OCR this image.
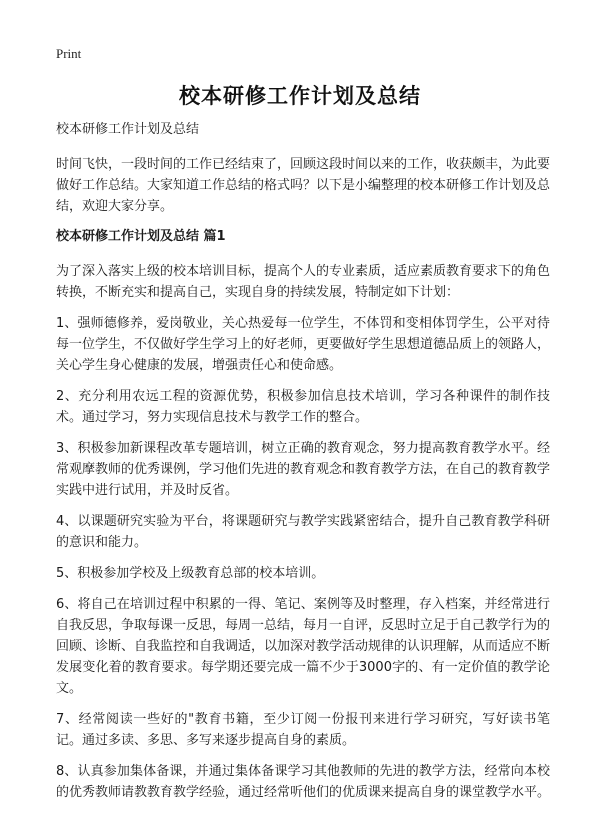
Print
校本研修工作计划及总结
校本研修工作计划及总结

时间飞快，一段时间的工作已经结束了，回顾这段时间以来的工作，收获颇丰，为此要做好工作总结。大家知道工作总结的格式吗？以下是小编整理的校本研修工作计划及总结，欢迎大家分享。

校本研修工作计划及总结 篇1

为了深入落实上级的校本培训目标，提高个人的专业素质，适应素质教育要求下的角色转换，不断充实和提高自己，实现自身的持续发展，特制定如下计划：

1、强师德修养，爱岗敬业，关心热爱每一位学生，不体罚和变相体罚学生，公平对待每一位学生，不仅做好学生学习上的好老师，更要做好学生思想道德品质上的领路人，关心学生身心健康的发展，增强责任心和使命感。

2、充分利用农远工程的资源优势，积极参加信息技术培训，学习各种课件的制作技术。通过学习，努力实现信息技术与教学工作的整合。

3、积极参加新课程改革专题培训，树立正确的教育观念，努力提高教育教学水平。经常观摩教师的优秀课例，学习他们先进的教育观念和教育教学方法，在自己的教育教学实践中进行试用，并及时反省。

4、以课题研究实验为平台，将课题研究与教学实践紧密结合，提升自己教育教学科研的意识和能力。

5、积极参加学校及上级教育总部的校本培训。

6、将自己在培训过程中积累的一得、笔记、案例等及时整理，存入档案，并经常进行自我反思，争取每课一反思，每周一总结，每月一自评，反思时立足于自己教学行为的回顾、诊断、自我监控和自我调适，以加深对教学活动规律的认识理解，从而适应不断发展变化着的教育要求。每学期还要完成一篇不少于3000字的、有一定价值的教学论文。

7、经常阅读一些好的"教育书籍，至少订阅一份报刊来进行学习研究，写好读书笔记。通过多读、多思、多写来逐步提高自身的素质。

8、认真参加集体备课，并通过集体备课学习其他教师的先进的教学方法，经常向本校的优秀教师请教教育教学经验，通过经常听他们的优质课来提高自身的课堂教学水平。
